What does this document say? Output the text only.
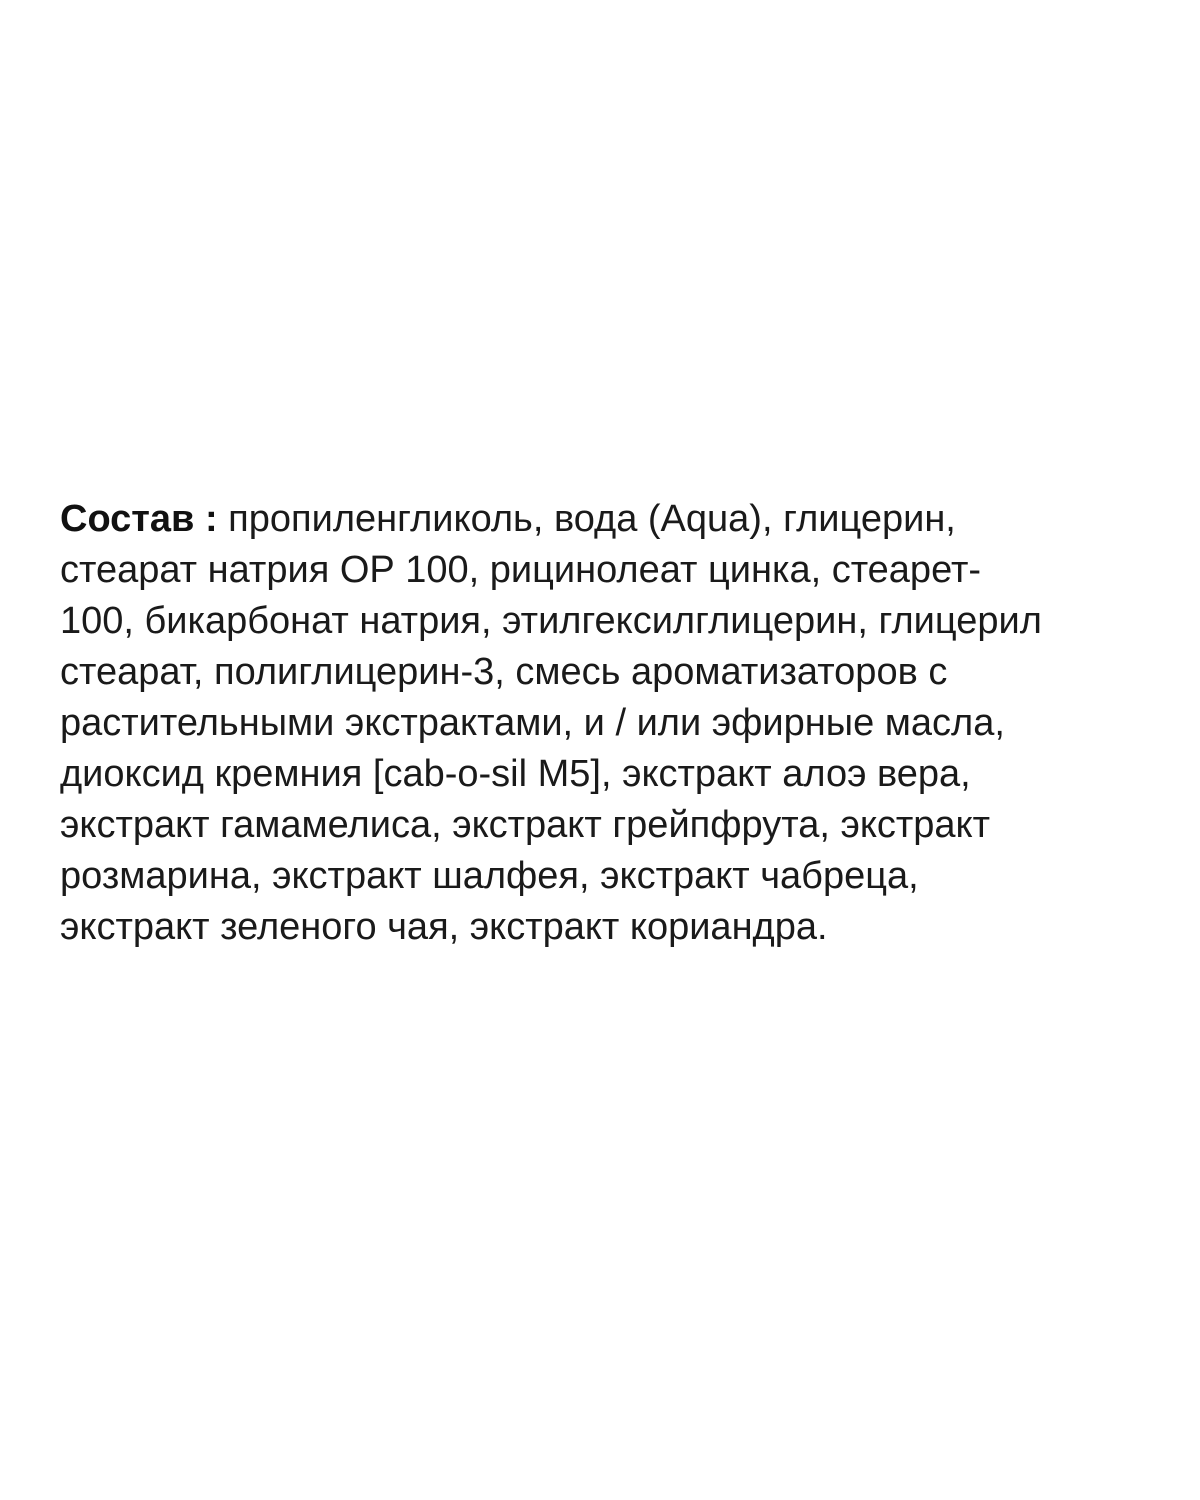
Состав : пропиленгликоль, вода (Aqua), глицерин,
стеарат натрия ОР 100, рицинолеат цинка, стеарет-
100, бикарбонат натрия, этилгексилглицерин, глицерил
стеарат, полиглицерин-3, смесь ароматизаторов с
растительными экстрактами, и / или эфирные масла,
диоксид кремния [cab-o-sil M5], экстракт алоэ вера,
экстракт гамамелиса, экстракт грейпфрута, экстракт
розмарина, экстракт шалфея, экстракт чабреца,
экстракт зеленого чая, экстракт кориандра.
